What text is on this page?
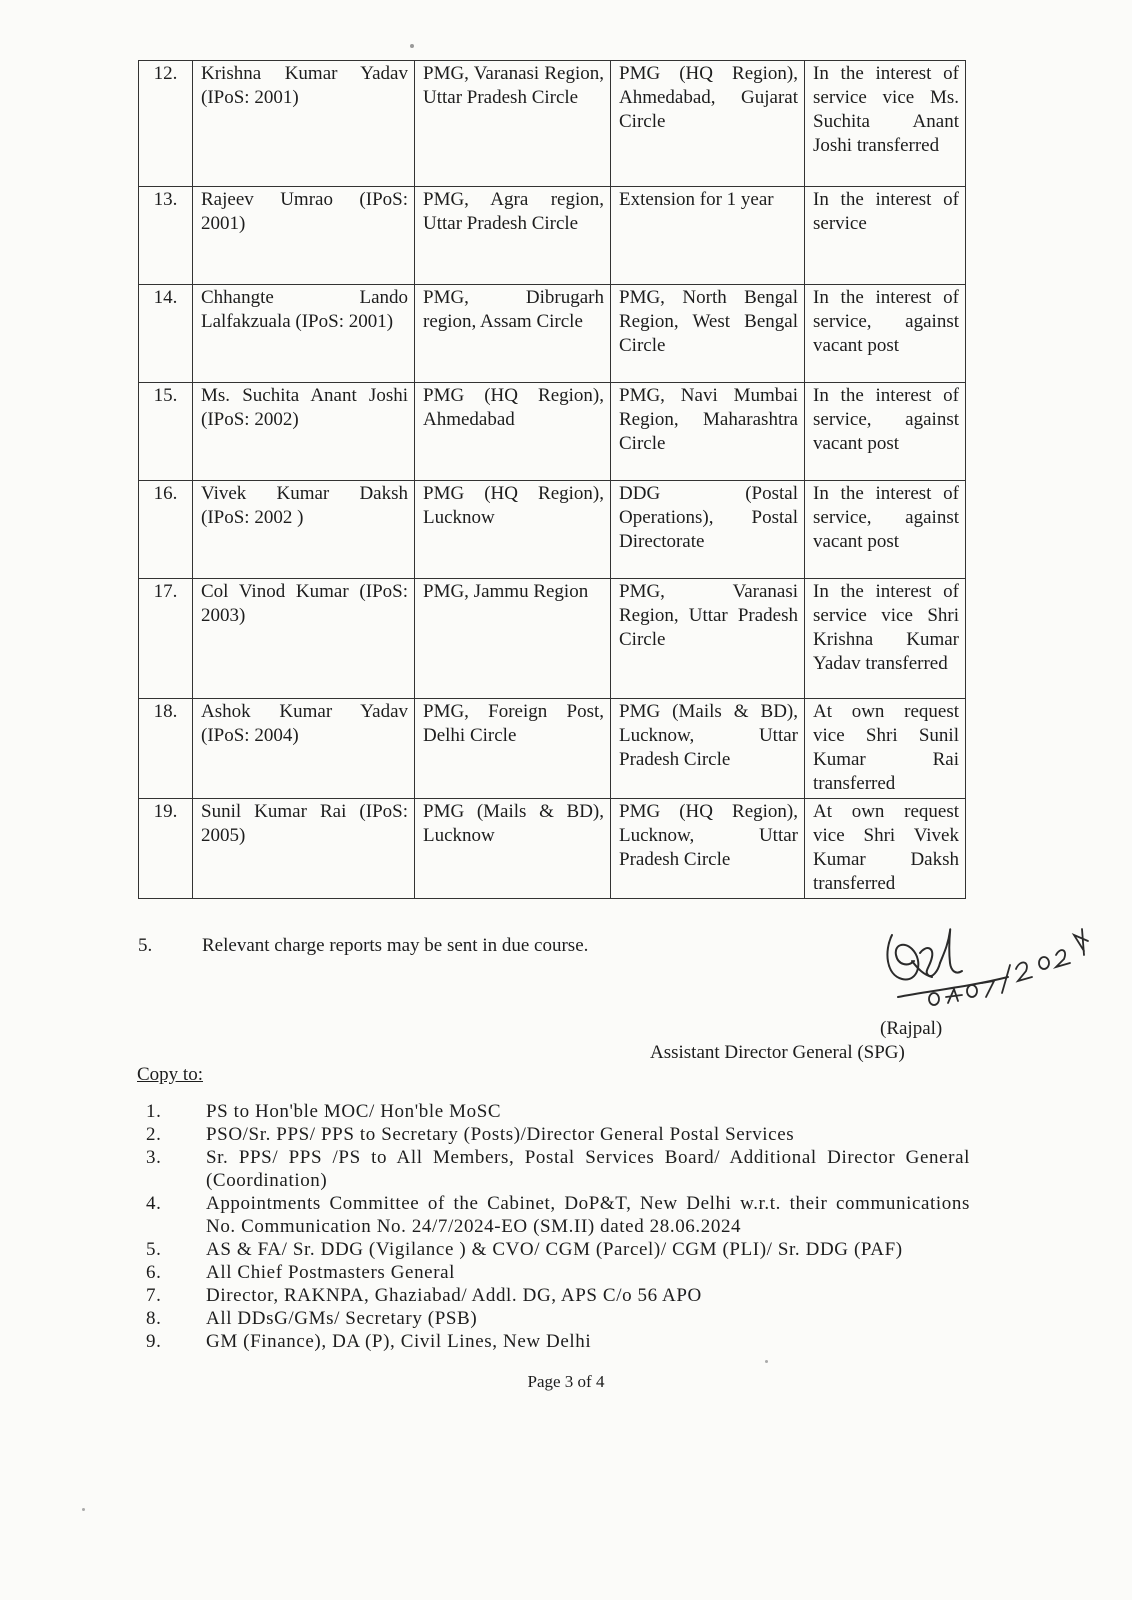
12.	Krishna Kumar Yadav (IPoS: 2001)	PMG, Varanasi Region, Uttar Pradesh Circle	PMG (HQ Region), Ahmedabad, Gujarat Circle	In the interest of service vice Ms. Suchita Anant Joshi transferred
13.	Rajeev Umrao (IPoS: 2001)	PMG, Agra region, Uttar Pradesh Circle	Extension for 1 year	In the interest of service
14.	Chhangte Lando Lalfakzuala (IPoS: 2001)	PMG, Dibrugarh region, Assam Circle	PMG, North Bengal Region, West Bengal Circle	In the interest of service, against vacant post
15.	Ms. Suchita Anant Joshi (IPoS: 2002)	PMG (HQ Region), Ahmedabad	PMG, Navi Mumbai Region, Maharashtra Circle	In the interest of service, against vacant post
16.	Vivek Kumar Daksh (IPoS: 2002 )	PMG (HQ Region), Lucknow	DDG (Postal Operations), Postal Directorate	In the interest of service, against vacant post
17.	Col Vinod Kumar (IPoS: 2003)	PMG, Jammu Region	PMG, Varanasi Region, Uttar Pradesh Circle	In the interest of service vice Shri Krishna Kumar Yadav transferred
18.	Ashok Kumar Yadav (IPoS: 2004)	PMG, Foreign Post, Delhi Circle	PMG (Mails & BD), Lucknow, Uttar Pradesh Circle	At own request vice Shri Sunil Kumar Rai transferred
19.	Sunil Kumar Rai (IPoS: 2005)	PMG (Mails & BD), Lucknow	PMG (HQ Region), Lucknow, Uttar Pradesh Circle	At own request vice Shri Vivek Kumar Daksh transferred
5.	Relevant charge reports may be sent in due course.
(Rajpal)
Assistant Director General (SPG)
Copy to:
1. PS to Hon'ble MOC/ Hon'ble MoSC
2. PSO/Sr. PPS/ PPS to Secretary (Posts)/Director General Postal Services
3. Sr. PPS/ PPS /PS to All Members, Postal Services Board/ Additional Director General (Coordination)
4. Appointments Committee of the Cabinet, DoP&T, New Delhi w.r.t. their communications No. Communication No. 24/7/2024-EO (SM.II) dated 28.06.2024
5. AS & FA/ Sr. DDG (Vigilance ) & CVO/ CGM (Parcel)/ CGM (PLI)/ Sr. DDG (PAF)
6. All Chief Postmasters General
7. Director, RAKNPA, Ghaziabad/ Addl. DG, APS C/o 56 APO
8. All DDsG/GMs/ Secretary (PSB)
9. GM (Finance), DA (P), Civil Lines, New Delhi
Page 3 of 4
